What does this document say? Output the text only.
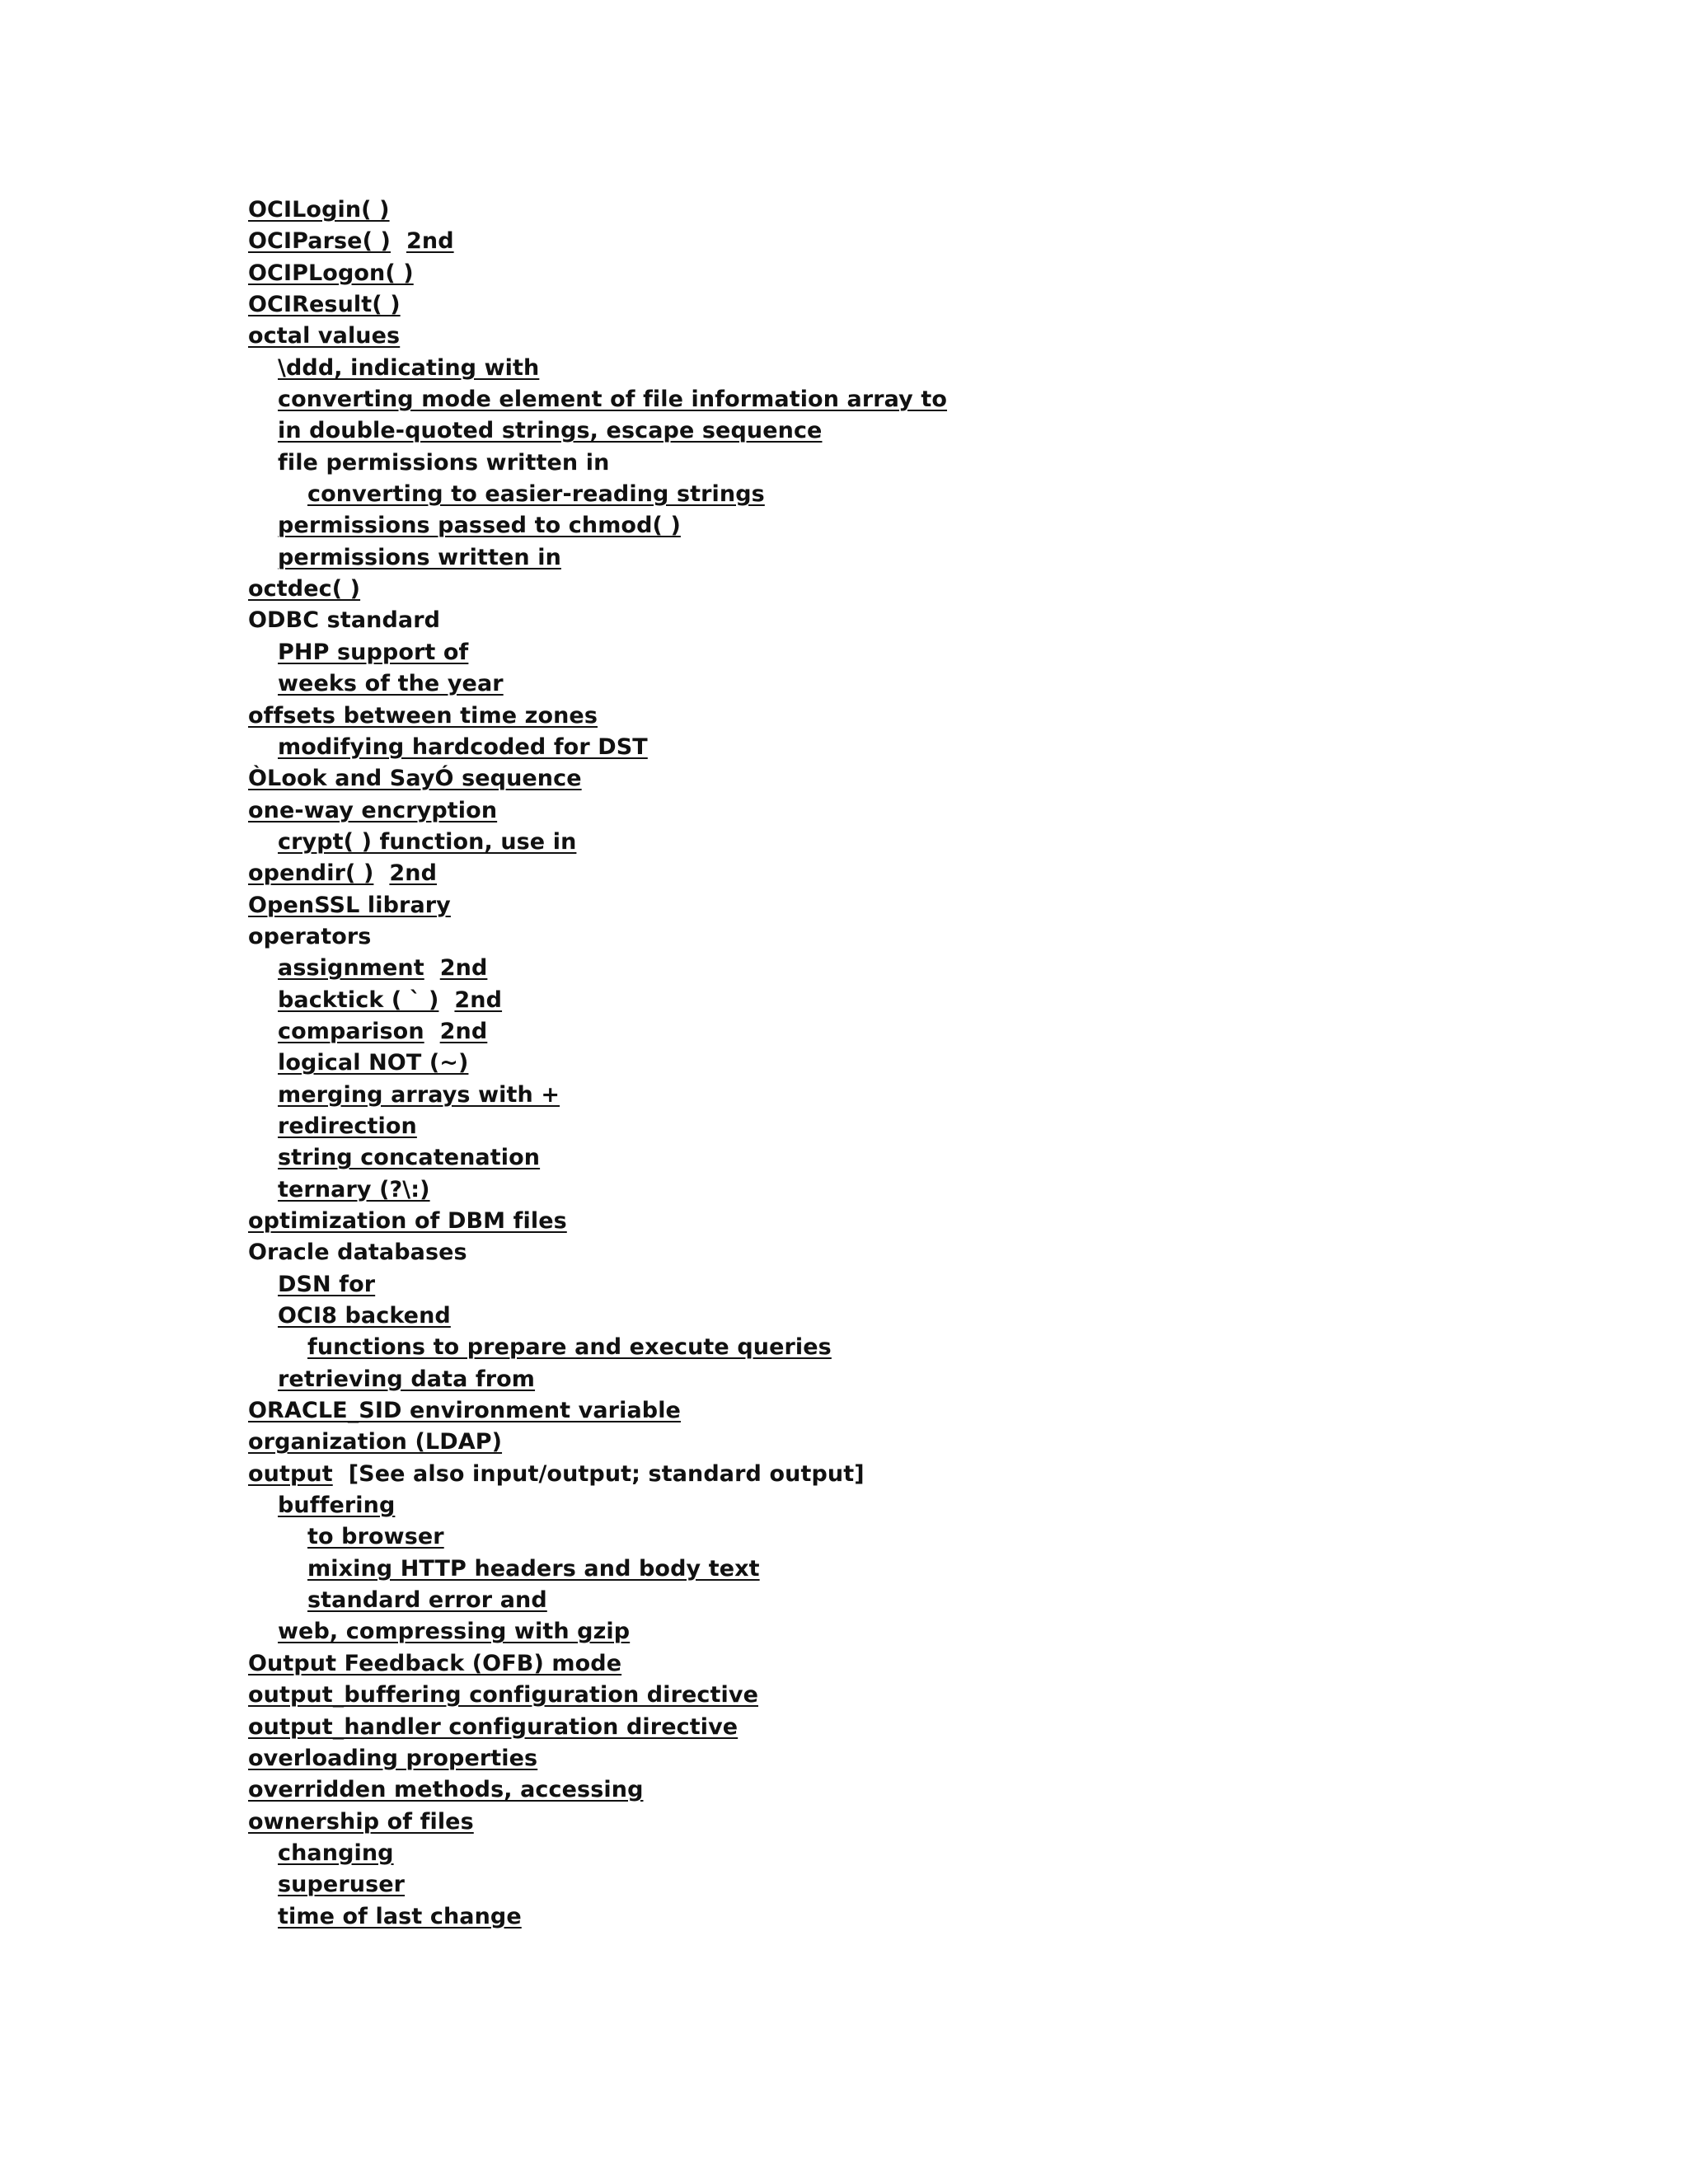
OCILogin( )
OCIParse( ) 2nd
OCIPLogon( )
OCIResult( )
octal values
\ddd, indicating with
converting mode element of file information array to
in double-quoted strings, escape sequence
file permissions written in
converting to easier-reading strings
permissions passed to chmod( )
permissions written in
octdec( )
ODBC standard
PHP support of
weeks of the year
offsets between time zones
modifying hardcoded for DST
ÒLook and SayÓ sequence
one-way encryption
crypt( ) function, use in
opendir( ) 2nd
OpenSSL library
operators
assignment 2nd
backtick ( ` ) 2nd
comparison 2nd
logical NOT (~)
merging arrays with +
redirection
string concatenation
ternary (?\:)
optimization of DBM files
Oracle databases
DSN for
OCI8 backend
functions to prepare and execute queries
retrieving data from
ORACLE_SID environment variable
organization (LDAP)
output [See also input/output; standard output]
buffering
to browser
mixing HTTP headers and body text
standard error and
web, compressing with gzip
Output Feedback (OFB) mode
output_buffering configuration directive
output_handler configuration directive
overloading properties
overridden methods, accessing
ownership of files
changing
superuser
time of last change
